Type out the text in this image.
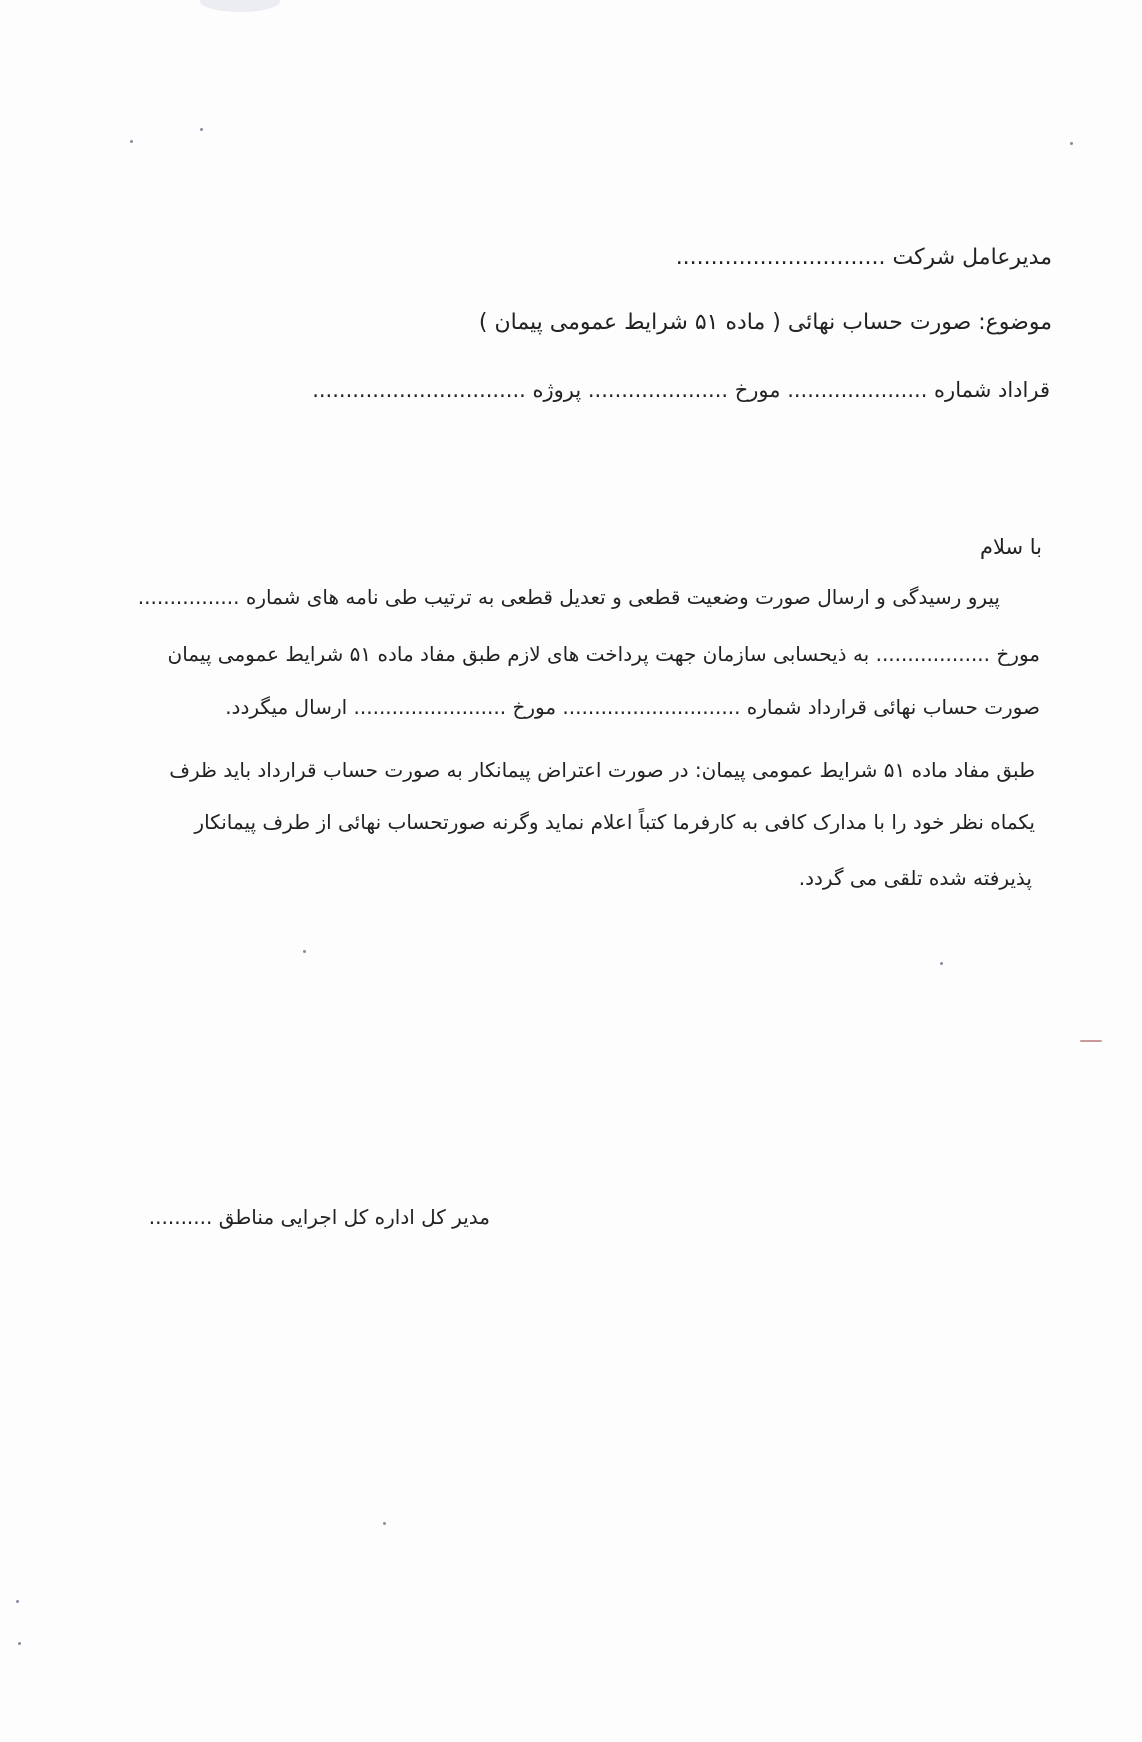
مدیرعامل شرکت ..............................
موضوع: صورت حساب نهائی ( ماده ۵۱ شرایط عمومی پیمان )
قراداد شماره ..................... مورخ ..................... پروژه ................................
با سلام
پیرو رسیدگی و ارسال صورت وضعیت قطعی و تعدیل قطعی به ترتیب طی نامه های شماره ................
مورخ .................. به ذیحسابی سازمان جهت پرداخت های لازم طبق مفاد ماده ۵۱ شرایط عمومی پیمان
صورت حساب نهائی قرارداد شماره ............................ مورخ ........................ ارسال میگردد.
طبق مفاد ماده ۵۱ شرایط عمومی پیمان: در صورت اعتراض پیمانکار به صورت حساب قرارداد باید ظرف
یکماه نظر خود را با مدارک کافی به کارفرما کتباً اعلام نماید وگرنه صورتحساب نهائی از طرف پیمانکار
پذیرفته شده تلقی می گردد.
مدیر کل اداره کل اجرایی مناطق ..........
